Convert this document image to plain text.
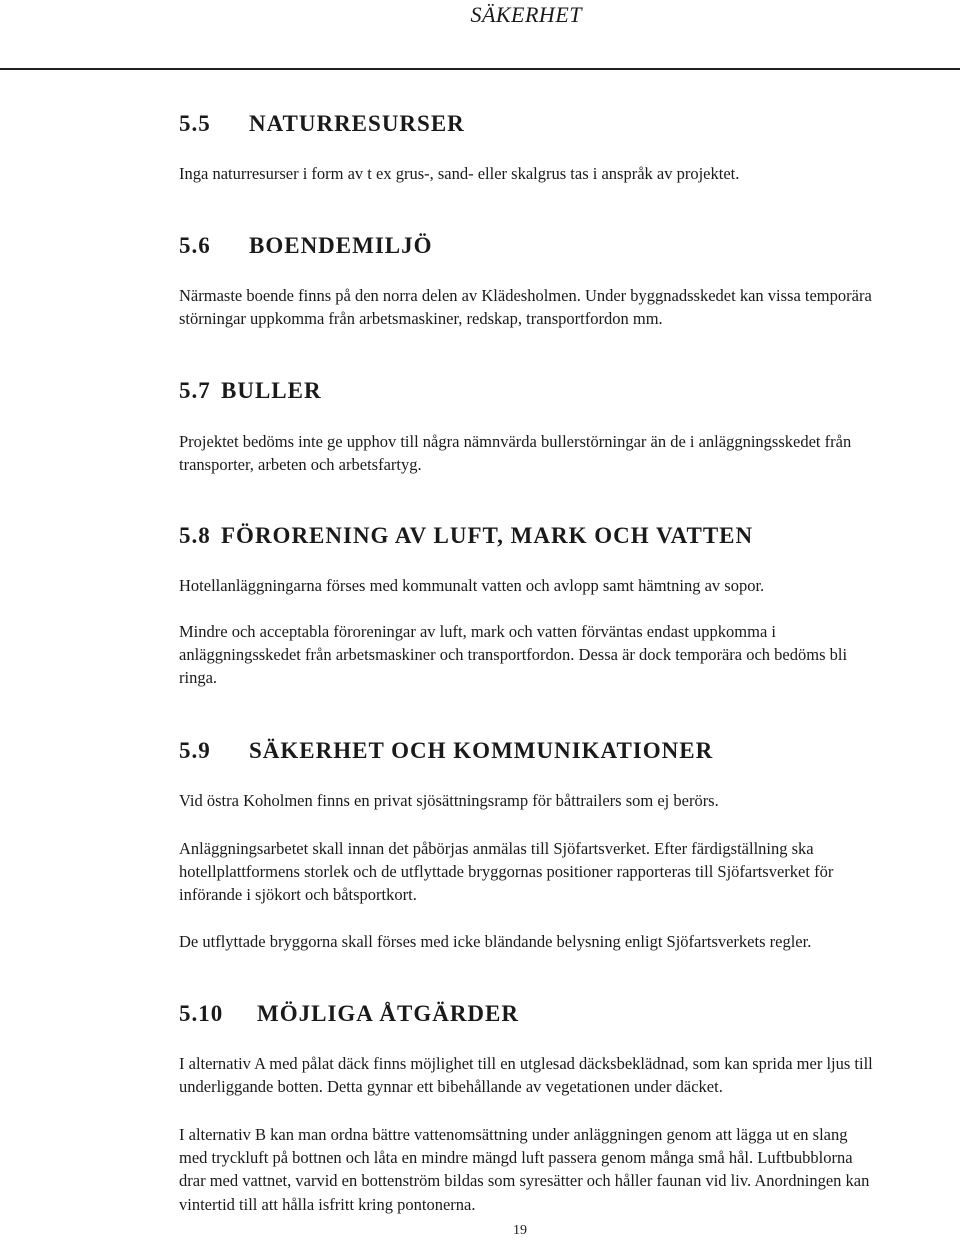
SÄKERHET
5.5 NATURRESURSER

Inga naturresurser i form av t ex grus-, sand- eller skalgrus tas i anspråk av projektet.

5.6 BOENDEMILJÖ

Närmaste boende finns på den norra delen av Klädesholmen. Under byggnadsskedet kan vissa temporära störningar uppkomma från arbetsmaskiner, redskap, transportfordon mm.

5.7 BULLER

Projektet bedöms inte ge upphov till några nämnvärda bullerstörningar än de i anläggningsskedet från transporter, arbeten och arbetsfartyg.

5.8 FÖRORENING AV LUFT, MARK OCH VATTEN

Hotellanläggningarna förses med kommunalt vatten och avlopp samt hämtning av sopor.

Mindre och acceptabla föroreningar av luft, mark och vatten förväntas endast uppkomma i anläggningsskedet från arbetsmaskiner och transportfordon. Dessa är dock temporära och bedöms bli ringa.

5.9 SÄKERHET OCH KOMMUNIKATIONER

Vid östra Koholmen finns en privat sjösättningsramp för båttrailers som ej berörs.

Anläggningsarbetet skall innan det påbörjas anmälas till Sjöfartsverket. Efter färdigställning ska hotellplattformens storlek och de utflyttade bryggornas positioner rapporteras till Sjöfartsverket för införande i sjökort och båtsportkort.

De utflyttade bryggorna skall förses med icke bländande belysning enligt Sjöfartsverkets regler.

5.10 MÖJLIGA ÅTGÄRDER

I alternativ A med pålat däck finns möjlighet till en utglesad däcksbeklädnad, som kan sprida mer ljus till underliggande botten. Detta gynnar ett bibehållande av vegetationen under däcket.

I alternativ B kan man ordna bättre vattenomsättning under anläggningen genom att lägga ut en slang med tryckluft på bottnen och låta en mindre mängd luft passera genom många små hål. Luftbubblorna drar med vattnet, varvid en bottenström bildas som syresätter och håller faunan vid liv. Anordningen kan vintertid till att hålla isfritt kring pontonerna.

19
